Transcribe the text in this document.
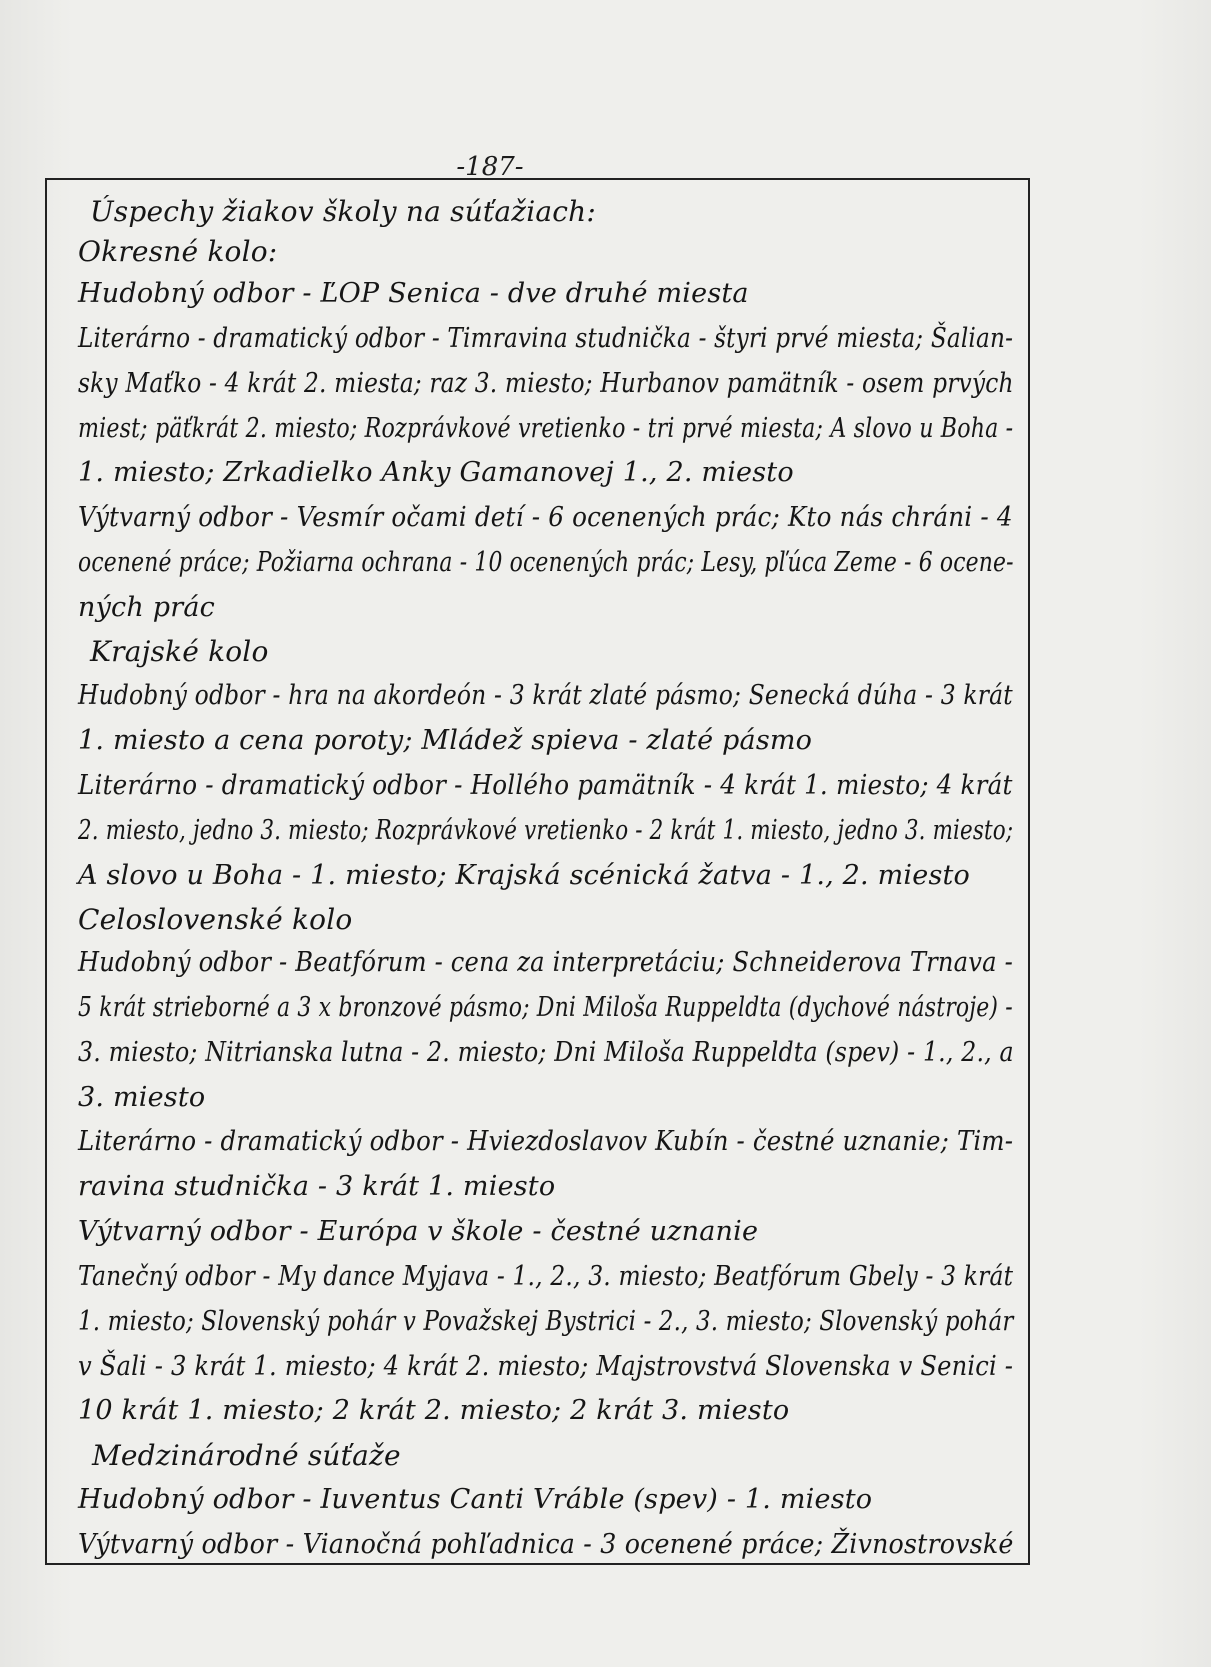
-187-
Úspechy žiakov školy na súťažiach:
Okresné kolo:
Hudobný odbor - ĽOP Senica - dve druhé miesta
Literárno - dramatický odbor - Timravina studnička - štyri prvé miesta; Šalian-
sky Maťko - 4 krát 2. miesta; raz 3. miesto; Hurbanov pamätník - osem prvých
miest; päťkrát 2. miesto; Rozprávkové vretienko - tri prvé miesta; A slovo u Boha -
1. miesto; Zrkadielko Anky Gamanovej 1., 2. miesto
Výtvarný odbor - Vesmír očami detí - 6 ocenených prác; Kto nás chráni - 4
ocenené práce; Požiarna ochrana - 10 ocenených prác; Lesy, pľúca Zeme - 6 ocene-
ných prác
Krajské kolo
Hudobný odbor - hra na akordeón - 3 krát zlaté pásmo; Senecká dúha - 3 krát
1. miesto a cena poroty; Mládež spieva - zlaté pásmo
Literárno - dramatický odbor - Hollého pamätník - 4 krát 1. miesto; 4 krát
2. miesto, jedno 3. miesto; Rozprávkové vretienko - 2 krát 1. miesto, jedno 3. miesto;
A slovo u Boha - 1. miesto; Krajská scénická žatva - 1., 2. miesto
Celoslovenské kolo
Hudobný odbor - Beatfórum - cena za interpretáciu; Schneiderova Trnava -
5 krát strieborné a 3 x bronzové pásmo; Dni Miloša Ruppeldta (dychové nástroje) -
3. miesto; Nitrianska lutna - 2. miesto; Dni Miloša Ruppeldta (spev) - 1., 2., a
3. miesto
Literárno - dramatický odbor - Hviezdoslavov Kubín - čestné uznanie; Tim-
ravina studnička - 3 krát 1. miesto
Výtvarný odbor - Európa v škole - čestné uznanie
Tanečný odbor - My dance Myjava - 1., 2., 3. miesto; Beatfórum Gbely - 3 krát
1. miesto; Slovenský pohár v Považskej Bystrici - 2., 3. miesto; Slovenský pohár
v Šali - 3 krát 1. miesto; 4 krát 2. miesto; Majstrovstvá Slovenska v Senici -
10 krát 1. miesto; 2 krát 2. miesto; 2 krát 3. miesto
Medzinárodné súťaže
Hudobný odbor - Iuventus Canti Vráble (spev) - 1. miesto
Výtvarný odbor - Vianočná pohľadnica - 3 ocenené práce; Živnostrovské
